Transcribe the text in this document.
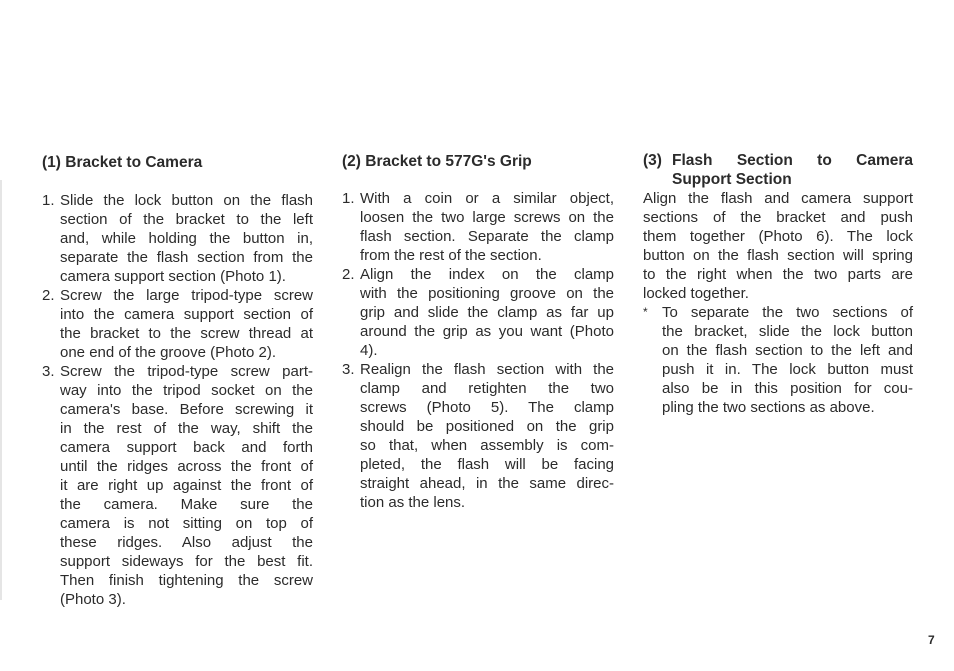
(1) Bracket to Camera
1. Slide the lock button on the flash
section of the bracket to the left
and, while holding the button in,
separate the flash section from the
camera support section (Photo 1).
2. Screw the large tripod-type screw
into the camera support section of
the bracket to the screw thread at
one end of the groove (Photo 2).
3. Screw the tripod-type screw part-
way into the tripod socket on the
camera's base. Before screwing it
in the rest of the way, shift the
camera support back and forth
until the ridges across the front of
it are right up against the front of
the camera. Make sure the
camera is not sitting on top of
these ridges. Also adjust the
support sideways for the best fit.
Then finish tightening the screw
(Photo 3).
(2) Bracket to 577G's Grip
1. With a coin or a similar object,
loosen the two large screws on the
flash section. Separate the clamp
from the rest of the section.
2. Align the index on the clamp
with the positioning groove on the
grip and slide the clamp as far up
around the grip as you want (Photo
4).
3. Realign the flash section with the
clamp and retighten the two
screws (Photo 5). The clamp
should be positioned on the grip
so that, when assembly is com-
pleted, the flash will be facing
straight ahead, in the same direc-
tion as the lens.
(3) Flash Section to Camera
Support Section
Align the flash and camera support
sections of the bracket and push
them together (Photo 6). The lock
button on the flash section will spring
to the right when the two parts are
locked together.
* To separate the two sections of
the bracket, slide the lock button
on the flash section to the left and
push it in. The lock button must
also be in this position for cou-
pling the two sections as above.
7
